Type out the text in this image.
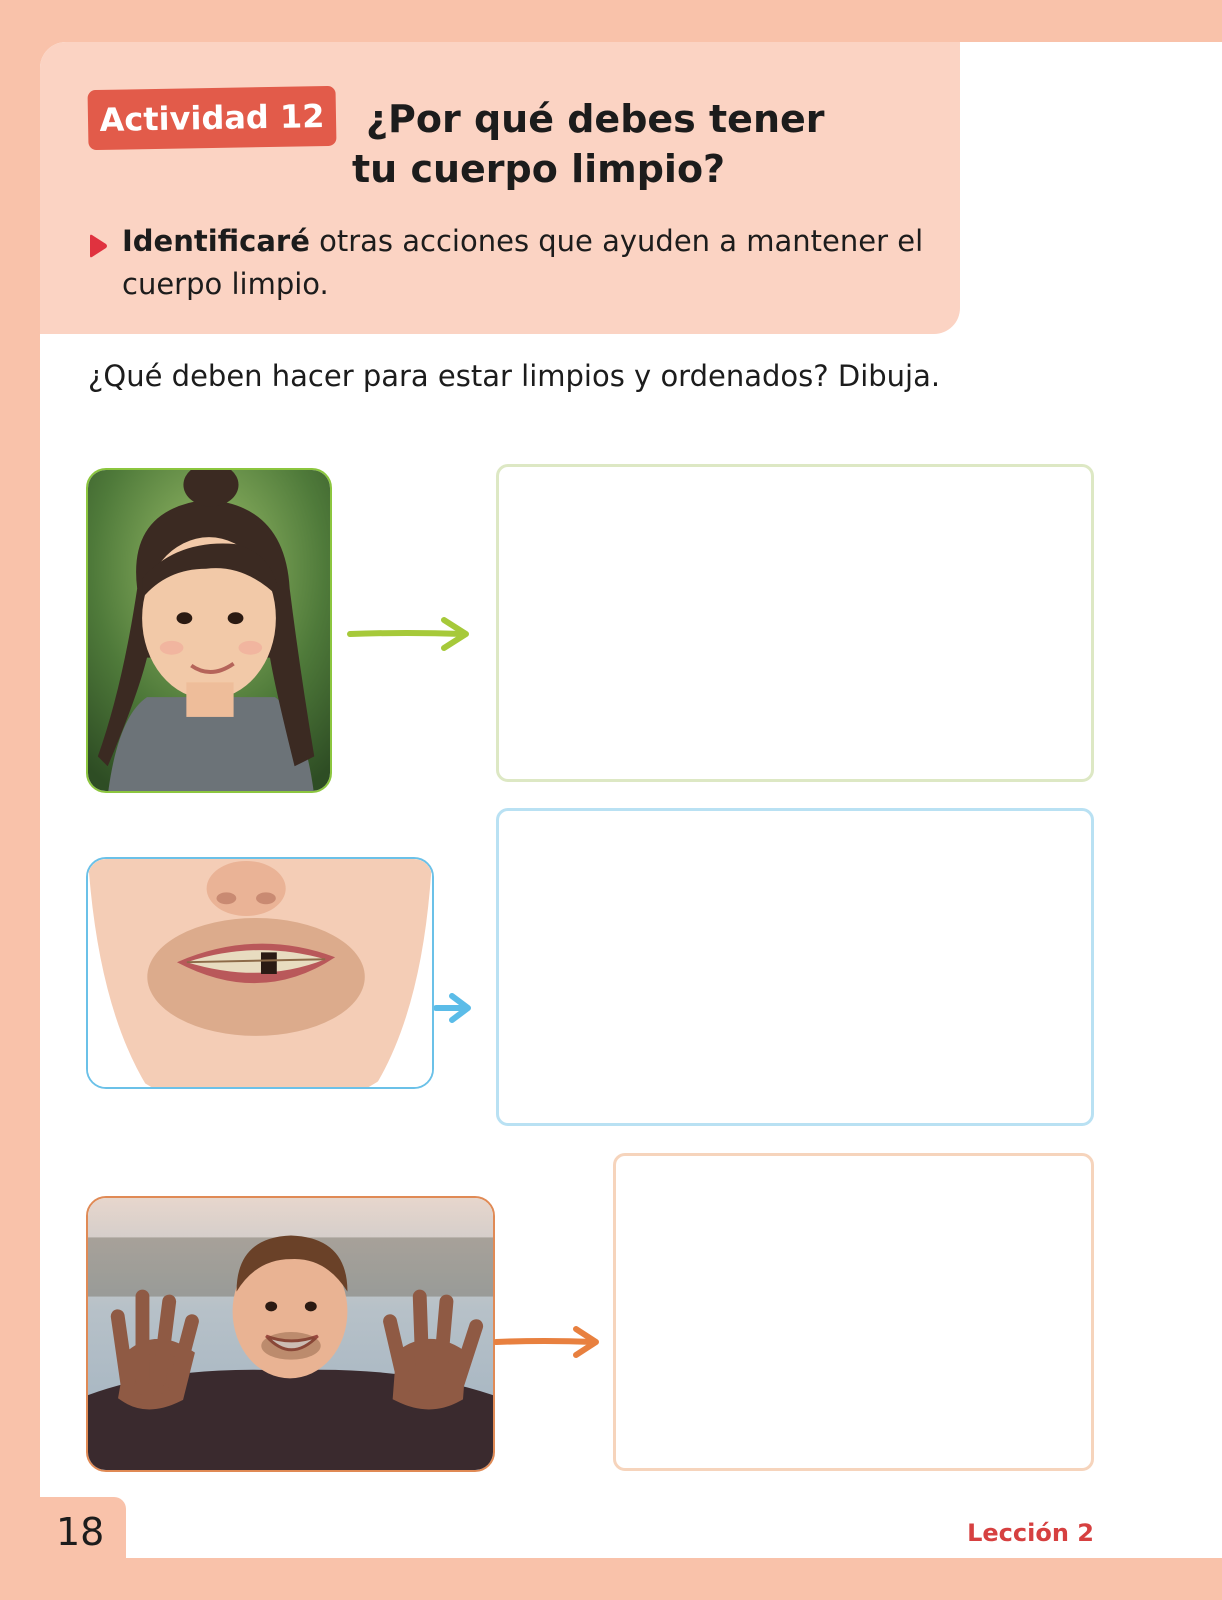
Actividad 12	¿Por qué debes tener
tu cuerpo limpio?
Identificaré otras acciones que ayuden a mantener el cuerpo limpio.
¿Qué deben hacer para estar limpios y ordenados? Dibuja.
18	Lección 2
